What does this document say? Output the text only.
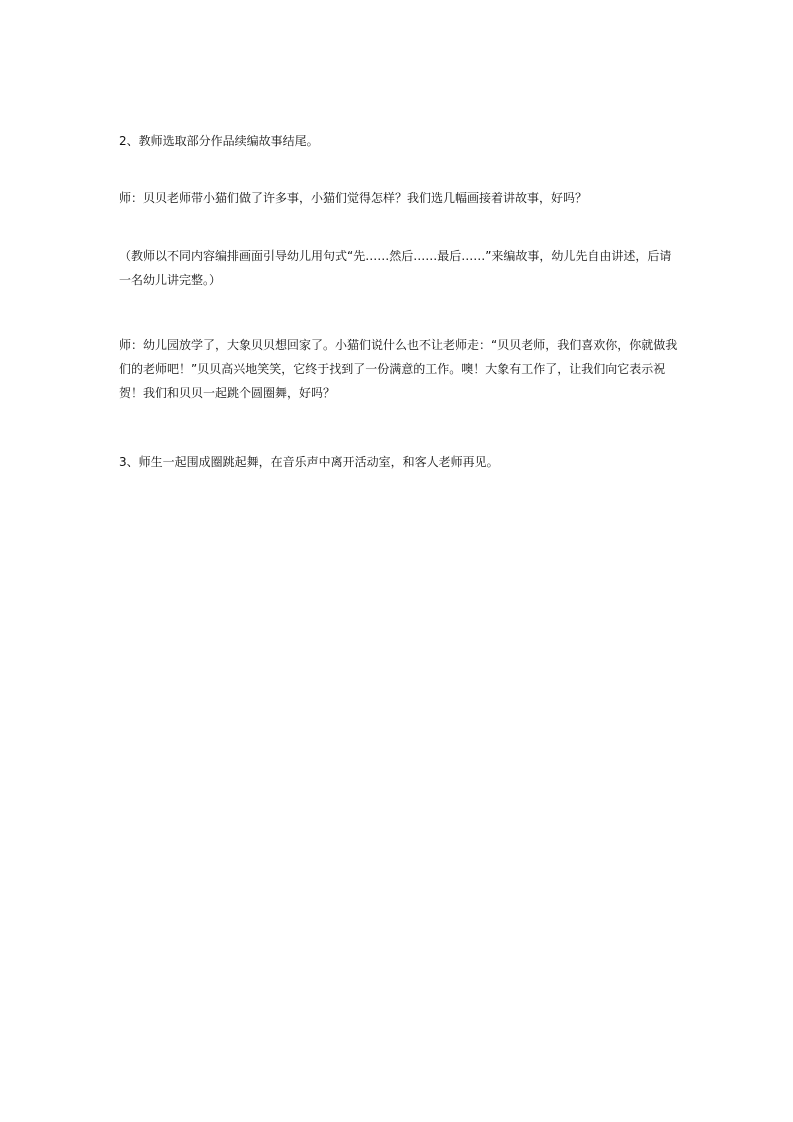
2、教师选取部分作品续编故事结尾。

师：贝贝老师带小猫们做了许多事，小猫们觉得怎样？我们选几幅画接着讲故事，好吗？

（教师以不同内容编排画面引导幼儿用句式“先……然后……最后……”来编故事，幼儿先自由讲述，后请一名幼儿讲完整。）

师：幼儿园放学了，大象贝贝想回家了。小猫们说什么也不让老师走：“贝贝老师，我们喜欢你，你就做我们的老师吧！”贝贝高兴地笑笑，它终于找到了一份满意的工作。噢！大象有工作了，让我们向它表示祝贺！我们和贝贝一起跳个圆圈舞，好吗？

3、师生一起围成圈跳起舞，在音乐声中离开活动室，和客人老师再见。
